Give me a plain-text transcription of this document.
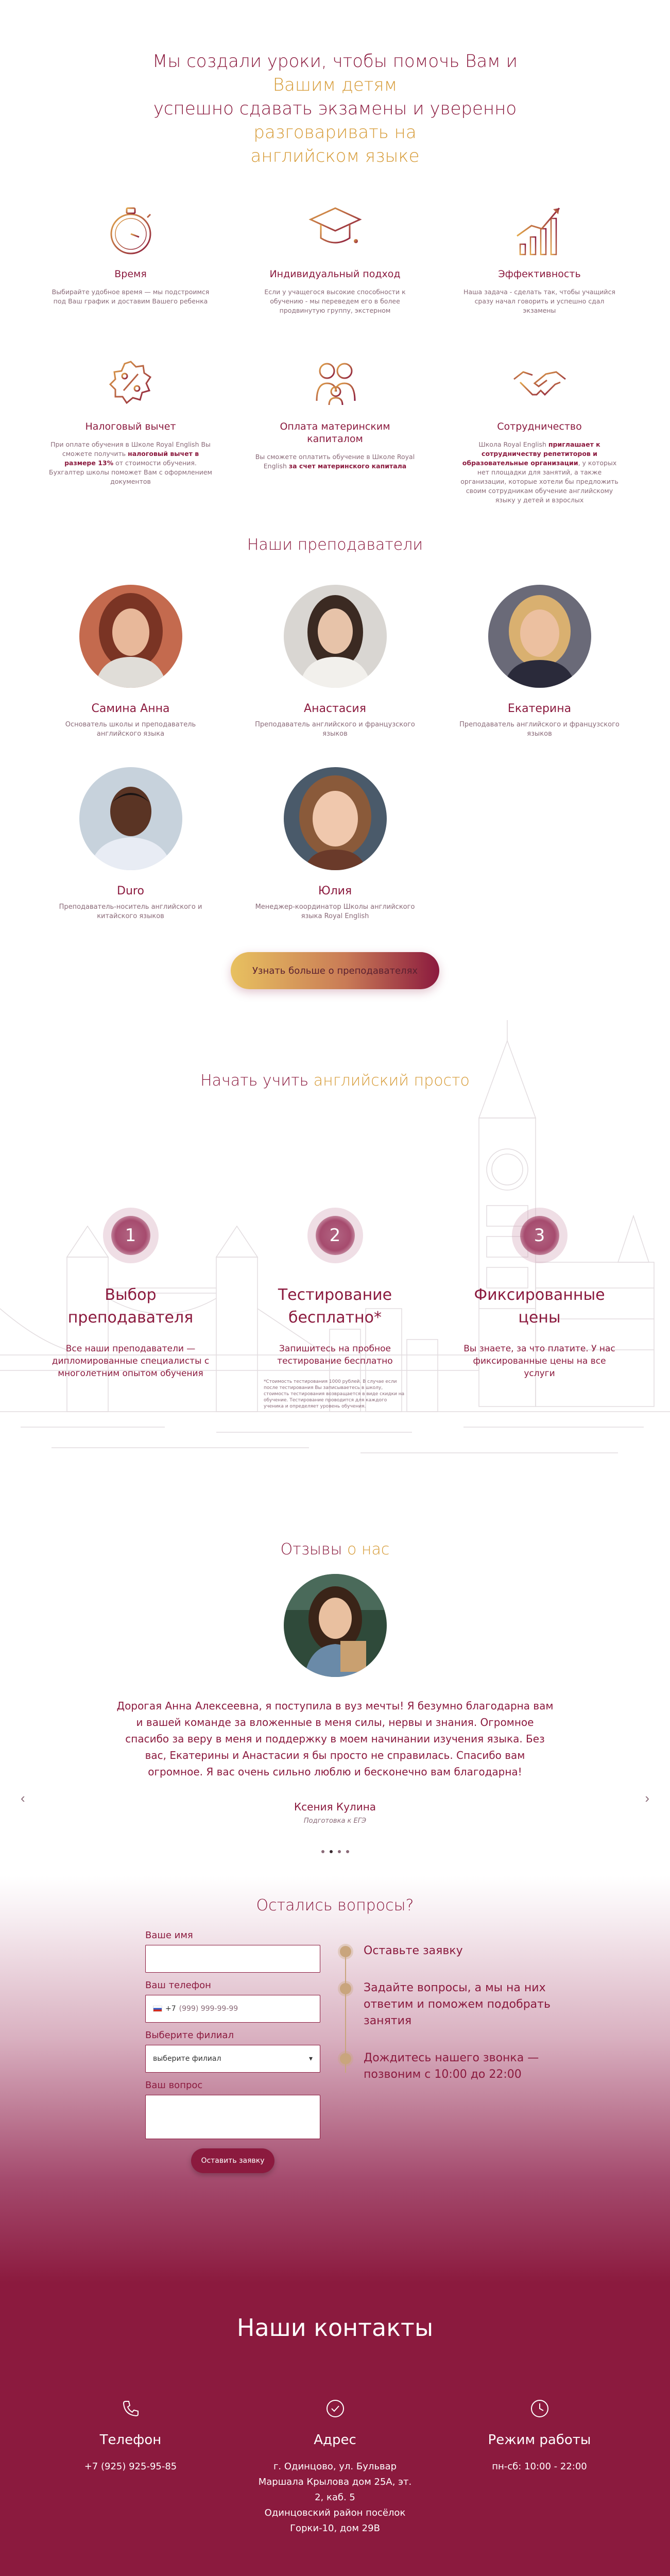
Мы создали уроки, чтобы помочь Вам и Вашим детям
успешно сдавать экзамены и уверенно разговаривать на
английском языке
Время

Выбирайте удобное время — мы подстроимся под Ваш график и доставим Вашего ребенка

Индивидуальный подход

Если у учащегося высокие способности к обучению - мы переведем его в более продвинутую группу, экстерном

Эффективность

Наша задача - сделать так, чтобы учащийся сразу начал говорить и успешно сдал экзамены

Налоговый вычет

При оплате обучения в Школе Royal English Вы сможете получить налоговый вычет в размере 13% от стоимости обучения. Бухгалтер школы поможет Вам с оформлением документов

Оплата материнским капиталом

Вы сможете оплатить обучение в Школе Royal English за счет материнского капитала

Сотрудничество

Школа Royal English приглашает к сотрудничеству репетиторов и образовательные организации, у которых нет площадки для занятий, а также организации, которые хотели бы предложить своим сотрудникам обучение английскому языку у детей и взрослых

Наши преподаватели
Самина Анна

Основатель школы и преподаватель английского языка

Анастасия

Преподаватель английского и французского языков

Екатерина

Преподаватель английского и французского языков

Duro

Преподаватель-носитель английского и китайского языков

Юлия

Менеджер-координатор Школы английского языка Royal English

Узнать больше о преподавателях
Начать учить английский просто
1
Выбор преподавателя

Все наши преподаватели — дипломированные специалисты с многолетним опытом обучения

2
Тестирование бесплатно*

Запишитесь на пробное тестирование бесплатно

*Стоимость тестирования 1000 рублей. В случае если после тестирования Вы записываетесь в школу, стоимость тестирования возвращается в виде скидки на обучение. Тестирование проводится для каждого ученика и определяет уровень обучения.

3
Фиксированные цены

Вы знаете, за что платите. У нас фиксированные цены на все услуги

Отзывы о нас
‹	›

Дорогая Анна Алексеевна, я поступила в вуз мечты! Я безумно благодарна вам и вашей команде за вложенные в меня силы, нервы и знания. Огромное спасибо за веру в меня и поддержку в моем начинании изучения языка. Без вас, Екатерины и Анастасии я бы просто не справилась. Спасибо вам огромное. Я вас очень сильно люблю и бесконечно вам благодарна!

Ксения Кулина

Подготовка к ЕГЭ

Остались вопросы?
Ваше имя
Ваш телефон
+7 (999) 999-99-99
Выберите филиал
выберите филиал	▾
Ваш вопрос
Оставить заявку
Оставьте заявку
Задайте вопросы, а мы на них ответим и поможем подобрать занятия
Дождитесь нашего звонка — позвоним с 10:00 до 22:00
Наши контакты
Телефон

+7 (925) 925-95-85

Адрес

г. Одинцово, ул. Бульвар
Маршала Крылова дом 25А, эт.
2, каб. 5
Одинцовский район посёлок
Горки-10, дом 29В

Режим работы

пн-сб: 10:00 - 22:00
